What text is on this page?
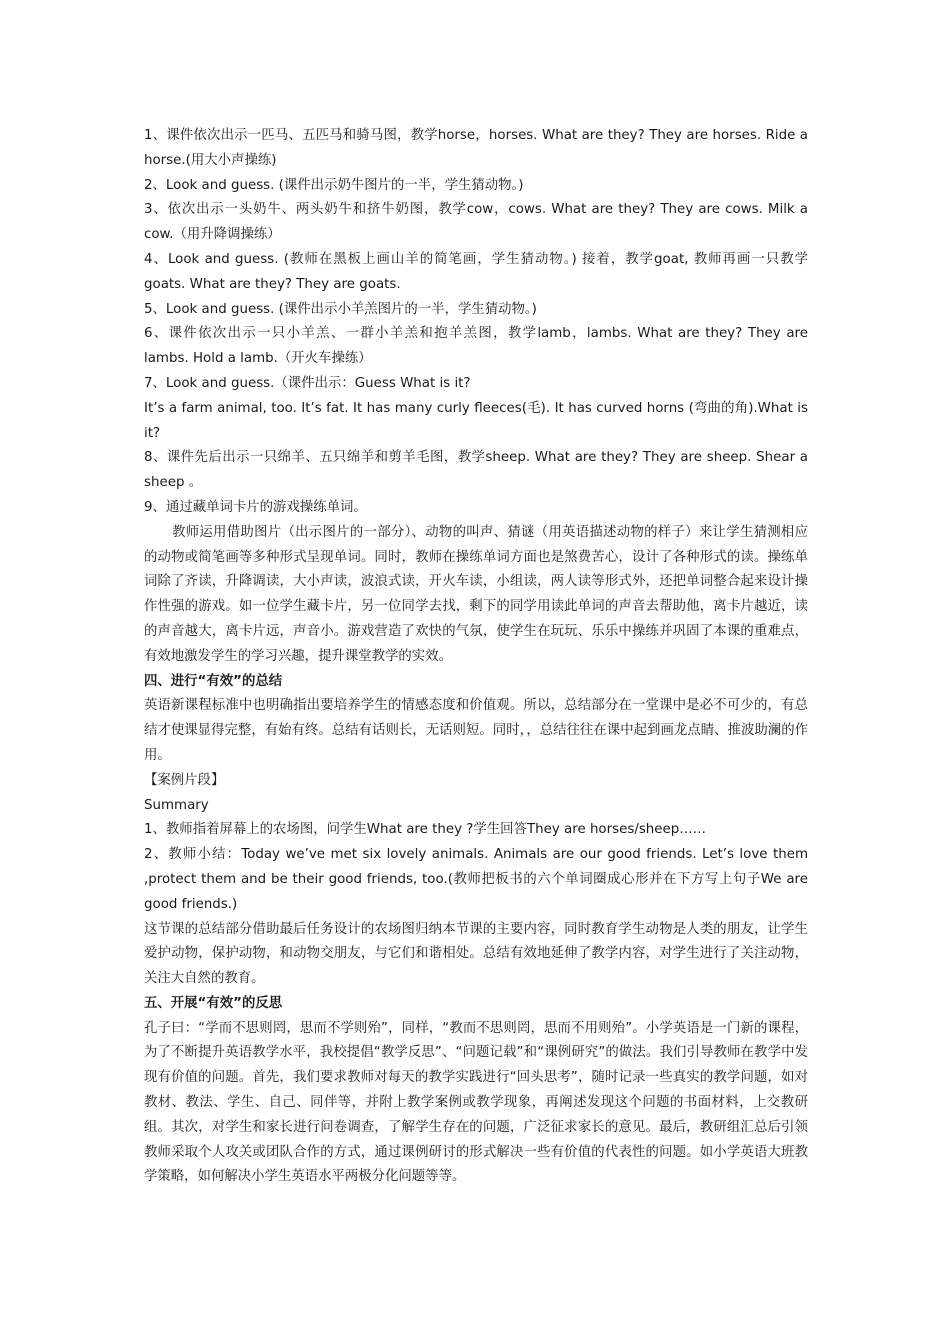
1、课件依次出示一匹马、五匹马和骑马图，教学horse，horses. What are they? They are horses. Ride a horse.(用大小声操练)

2、Look and guess. (课件出示奶牛图片的一半，学生猜动物。)

3、依次出示一头奶牛、两头奶牛和挤牛奶图，教学cow，cows. What are they? They are cows. Milk a cow.（用升降调操练）

4、Look and guess. (教师在黑板上画山羊的简笔画，学生猜动物。) 接着，教学goat, 教师再画一只教学goats. What are they? They are goats.

5、Look and guess. (课件出示小羊羔图片的一半，学生猜动物。)

6、课件依次出示一只小羊羔、一群小羊羔和抱羊羔图，教学lamb，lambs. What are they? They are lambs. Hold a lamb.（开火车操练）

7、Look and guess.（课件出示：Guess What is it?

It’s a farm animal, too. It’s fat. It has many curly fleeces(毛). It has curved horns (弯曲的角).What is it?

8、课件先后出示一只绵羊、五只绵羊和剪羊毛图，教学sheep. What are they? They are sheep. Shear a sheep 。

9、通过藏单词卡片的游戏操练单词。

教师运用借助图片（出示图片的一部分）、动物的叫声、猜谜（用英语描述动物的样子）来让学生猜测相应的动物或简笔画等多种形式呈现单词。同时，教师在操练单词方面也是煞费苦心，设计了各种形式的读。操练单词除了齐读，升降调读，大小声读，波浪式读，开火车读，小组读，两人读等形式外，还把单词整合起来设计操作性强的游戏。如一位学生藏卡片，另一位同学去找，剩下的同学用读此单词的声音去帮助他，离卡片越近，读的声音越大，离卡片远，声音小。游戏营造了欢快的气氛，使学生在玩玩、乐乐中操练并巩固了本课的重难点，有效地激发学生的学习兴趣，提升课堂教学的实效。

四、进行“有效”的总结

英语新课程标准中也明确指出要培养学生的情感态度和价值观。所以，总结部分在一堂课中是必不可少的，有总结才使课显得完整，有始有终。总结有话则长，无话则短。同时，，总结往往在课中起到画龙点睛、推波助澜的作用。

【案例片段】

Summary

1、教师指着屏幕上的农场图，问学生What are they ?学生回答They are horses/sheep……

2、教师小结：Today we’ve met six lovely animals. Animals are our good friends. Let’s love them ,protect them and be their good friends, too.(教师把板书的六个单词圈成心形并在下方写上句子We are good friends.)

这节课的总结部分借助最后任务设计的农场图归纳本节课的主要内容，同时教育学生动物是人类的朋友，让学生爱护动物，保护动物，和动物交朋友，与它们和谐相处。总结有效地延伸了教学内容，对学生进行了关注动物，关注大自然的教育。

五、开展“有效”的反思

孔子曰：“学而不思则罔，思而不学则殆”，同样，“教而不思则罔，思而不用则殆”。小学英语是一门新的课程，为了不断提升英语教学水平，我校提倡“教学反思”、“问题记载”和“课例研究”的做法。我们引导教师在教学中发现有价值的问题。首先，我们要求教师对每天的教学实践进行“回头思考”，随时记录一些真实的教学问题，如对教材、教法、学生、自己、同伴等，并附上教学案例或教学现象，再阐述发现这个问题的书面材料，上交教研组。其次，对学生和家长进行问卷调查，了解学生存在的问题，广泛征求家长的意见。最后，教研组汇总后引领教师采取个人攻关或团队合作的方式，通过课例研讨的形式解决一些有价值的代表性的问题。如小学英语大班教学策略，如何解决小学生英语水平两极分化问题等等。
